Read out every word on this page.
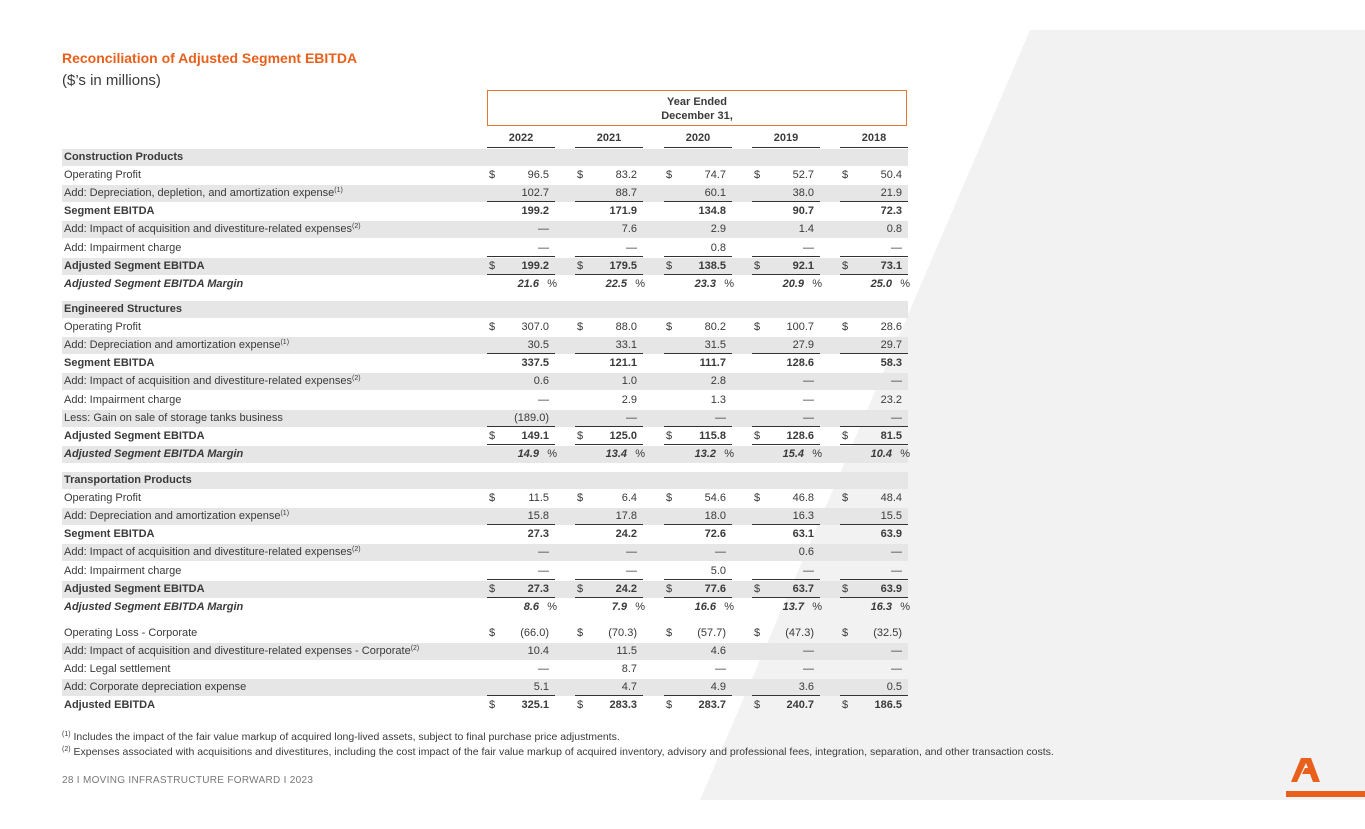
Reconciliation of Adjusted Segment EBITDA
($’s in millions)
Year Ended
December 31,
2022	2021	2020	2019	2018
Construction Products
Operating Profit	$	96.5	$	83.2	$	74.7	$	52.7	$	50.4
Add: Depreciation, depletion, and amortization expense$^{(1)}$	102.7	88.7	60.1	38.0	21.9
Segment EBITDA	199.2	171.9	134.8	90.7	72.3
Add: Impact of acquisition and divestiture-related expenses$^{(2)}$	—	7.6	2.9	1.4	0.8
Add: Impairment charge	—	—	0.8	—	—
Adjusted Segment EBITDA	$ 199.2	$ 179.5	$ 138.5	$	92.1	$	73.1
Adjusted Segment EBITDA Margin	21.6 %	22.5 %	23.3 %	20.9 %	25.0 %
Engineered Structures
Operating Profit	$ 307.0	$	88.0	$	80.2	$ 100.7	$	28.6
Add: Depreciation and amortization expense$^{(1)}$	30.5	33.1	31.5	27.9	29.7
Segment EBITDA	337.5	121.1	111.7	128.6	58.3
Add: Impact of acquisition and divestiture-related expenses$^{(2)}$	0.6	1.0	2.8	—	—
Add: Impairment charge	—	2.9	1.3	—	23.2
Less: Gain on sale of storage tanks business	(189.0)	—	—	—	—
Adjusted Segment EBITDA	$ 149.1	$ 125.0	$ 115.8	$ 128.6	$	81.5
Adjusted Segment EBITDA Margin	14.9 %	13.4 %	13.2 %	15.4 %	10.4 %
Transportation Products
Operating Profit	$	11.5	$	6.4	$	54.6	$	46.8	$	48.4
Add: Depreciation and amortization expense$^{(1)}$	15.8	17.8	18.0	16.3	15.5
Segment EBITDA	27.3	24.2	72.6	63.1	63.9
Add: Impact of acquisition and divestiture-related expenses$^{(2)}$	—	—	—	0.6	—
Add: Impairment charge	—	—	5.0	—	—
Adjusted Segment EBITDA	$	27.3	$	24.2	$	77.6	$	63.7	$	63.9
Adjusted Segment EBITDA Margin	8.6 %	7.9 %	16.6 %	13.7 %	16.3 %
Operating Loss - Corporate	$ (66.0)	$ (70.3)	$ (57.7)	$ (47.3)	$ (32.5)
Add: Impact of acquisition and divestiture-related expenses - Corporate$^{(2)}$	10.4	11.5	4.6	—	—
Add: Legal settlement	—	8.7	—	—	—
Add: Corporate depreciation expense	5.1	4.7	4.9	3.6	0.5
Adjusted EBITDA	$ 325.1	$ 283.3	$ 283.7	$ 240.7	$ 186.5
$^{(1)}$ Includes the impact of the fair value markup of acquired long-lived assets, subject to final purchase price adjustments.
$^{(2)}$ Expenses associated with acquisitions and divestitures, including the cost impact of the fair value markup of acquired inventory, advisory and professional fees, integration, separation, and other transaction costs.
28 I MOVING INFRASTRUCTURE FORWARD I 2023
